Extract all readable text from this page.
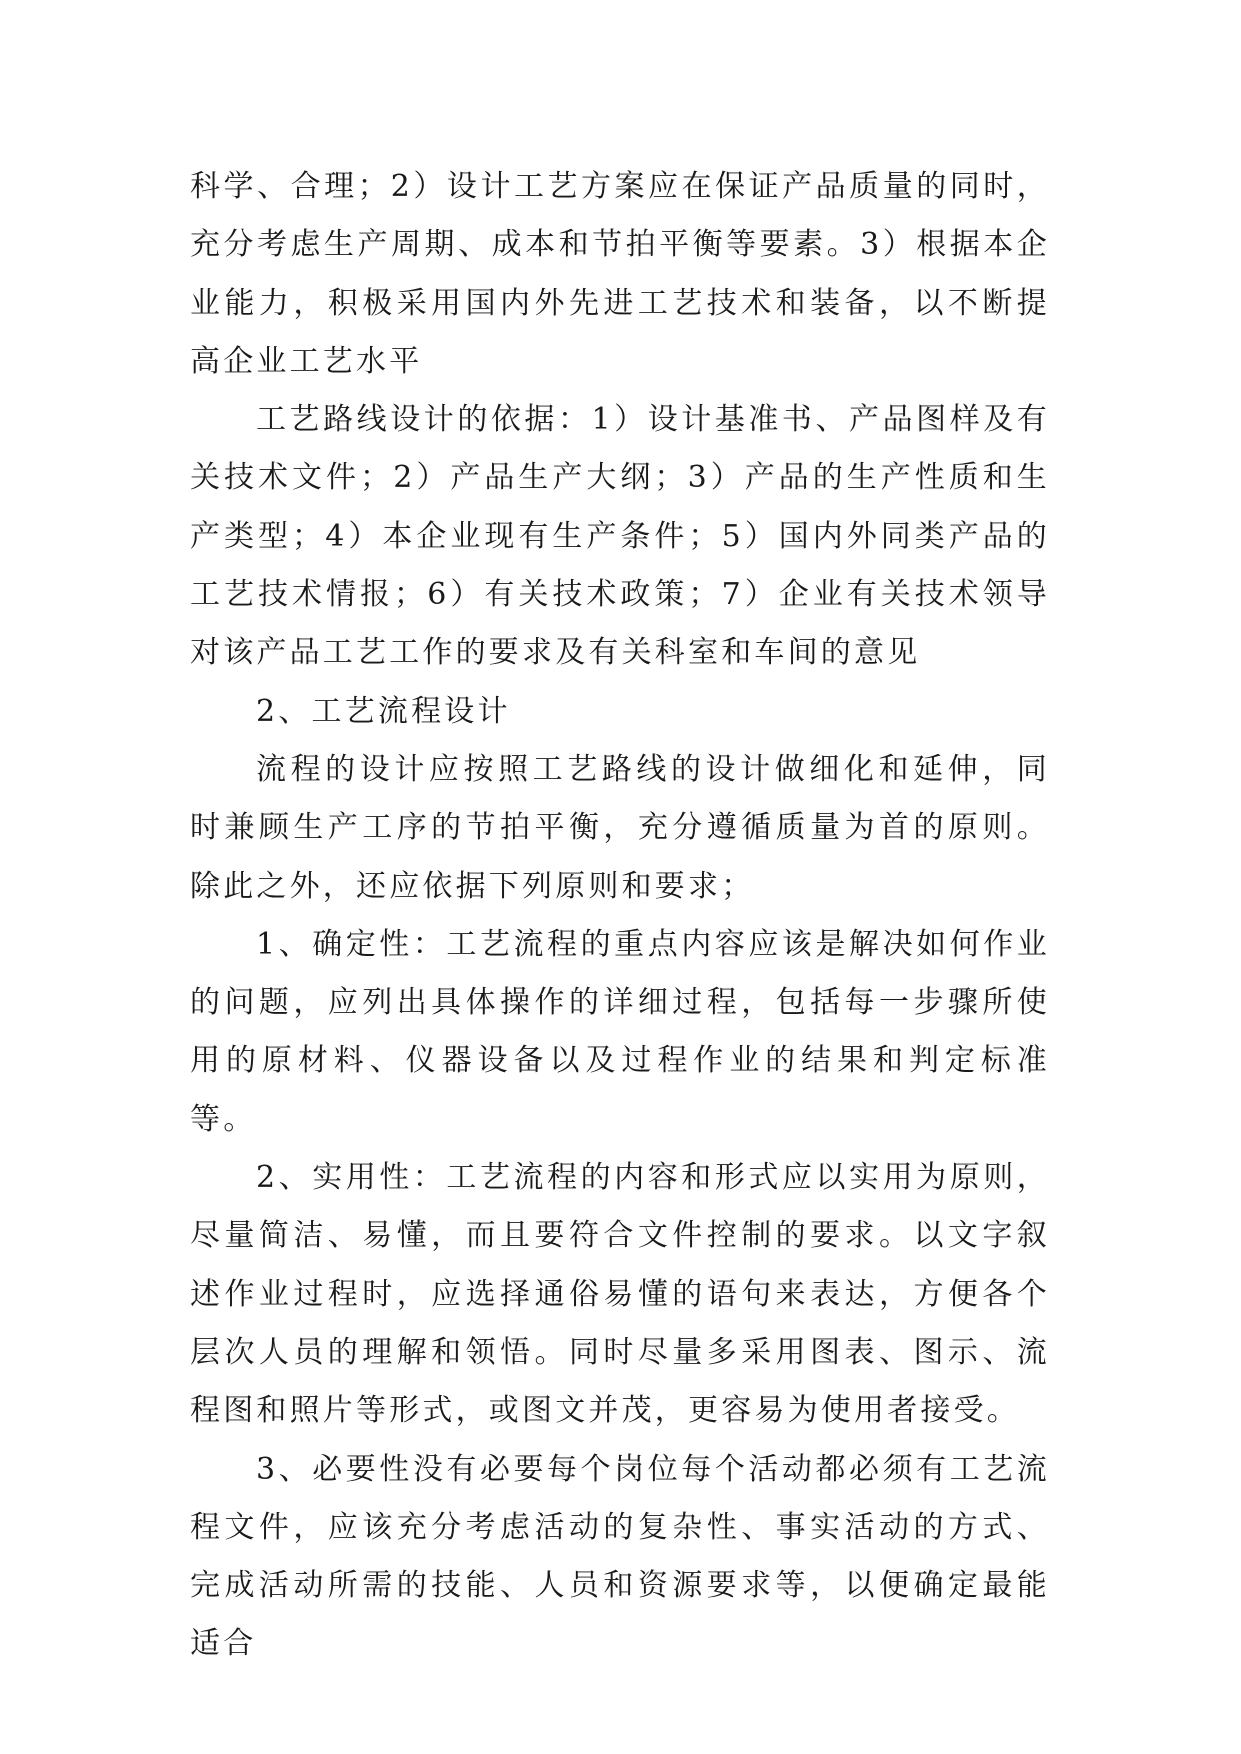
科学、合理；2）设计工艺方案应在保证产品质量的同时，充分考虑生产周期、成本和节拍平衡等要素。3）根据本企业能力，积极采用国内外先进工艺技术和装备，以不断提高企业工艺水平

工艺路线设计的依据：1）设计基准书、产品图样及有关技术文件；2）产品生产大纲；3）产品的生产性质和生产类型；4）本企业现有生产条件；5）国内外同类产品的工艺技术情报；6）有关技术政策；7）企业有关技术领导对该产品工艺工作的要求及有关科室和车间的意见

2、工艺流程设计

流程的设计应按照工艺路线的设计做细化和延伸，同时兼顾生产工序的节拍平衡，充分遵循质量为首的原则。除此之外，还应依据下列原则和要求；

1、确定性：工艺流程的重点内容应该是解决如何作业的问题，应列出具体操作的详细过程，包括每一步骤所使用的原材料、仪器设备以及过程作业的结果和判定标准等。

2、实用性：工艺流程的内容和形式应以实用为原则，尽量简洁、易懂，而且要符合文件控制的要求。以文字叙述作业过程时，应选择通俗易懂的语句来表达，方便各个层次人员的理解和领悟。同时尽量多采用图表、图示、流程图和照片等形式，或图文并茂，更容易为使用者接受。

3、必要性没有必要每个岗位每个活动都必须有工艺流程文件，应该充分考虑活动的复杂性、事实活动的方式、完成活动所需的技能、人员和资源要求等，以便确定最能适合
